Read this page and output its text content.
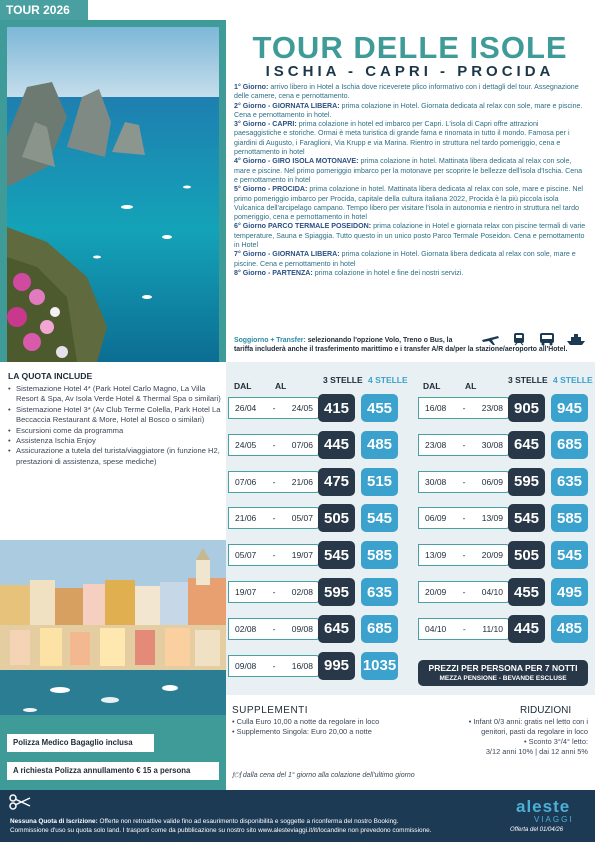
TOUR 2026
TOUR DELLE ISOLE
ISCHIA - CAPRI - PROCIDA

1° Giorno: arrivo libero in Hotel a Ischia dove riceverete plico informativo con i dettagli del tour. Assegnazione delle camere, cena e pernottamento.

2° Giorno - GIORNATA LIBERA: prima colazione in Hotel. Giornata dedicata al relax con sole, mare e piscine. Cena e pernottamento in hotel.

3° Giorno - CAPRI: prima colazione in hotel ed imbarco per Capri. L'isola di Capri offre attrazioni paesaggistiche e storiche. Ormai è meta turistica di grande fama e rinomata in tutto il mondo. Famosa per i giardini di Augusto, i Faraglioni, Via Krupp e via Marina. Rientro in struttura nel tardo pomeriggio, cena e pernottamento in hotel

4° Giorno - GIRO ISOLA MOTONAVE: prima colazione in hotel. Mattinata libera dedicata al relax con sole, mare e piscine. Nel primo pomeriggio imbarco per la motonave per scoprire le bellezze dell'isola d'Ischia. Cena e pernottamento in hotel

5° Giorno - PROCIDA: prima colazione in hotel. Mattinata libera dedicata al relax con sole, mare e piscine. Nel primo pomeriggio imbarco per Procida, capitale della cultura italiana 2022, Procida è la più piccola isola Vulcanica dell'arcipelago campano. Tempo libero per visitare l'isola in autonomia e rientro in struttura nel tardo pomeriggio, cena e pernottamento in hotel

6° Giorno PARCO TERMALE POSEIDON: prima colazione in Hotel e giornata relax con piscine termali di varie temperature, Sauna e Spiaggia. Tutto questo in un unico posto Parco Termale Poseidon. Cena e pernottamento in Hotel

7° Giorno - GIORNATA LIBERA: prima colazione in Hotel. Giornata libera dedicata al relax con sole, mare e piscine. Cena e pernottamento in hotel

8° Giorno - PARTENZA: prima colazione in hotel e fine dei nostri servizi.

Soggiorno + Transfer: selezionando l'opzione Volo, Treno o Bus, la
tariffa includerà anche il trasferimento marittimo e i transfer A/R da/per la stazione/aeroporto all'Hotel.
LA QUOTA INCLUDE
• Sistemazione Hotel 4* (Park Hotel Carlo Magno, La Villa Resort & Spa, Av Isola Verde Hotel & Thermal Spa o similari)
• Sistemazione Hotel 3* (Av Club Terme Colella, Park Hotel La Beccaccia Restaurant & More, Hotel al Bosco o similari)
• Escursioni come da programma
• Assistenza Ischia Enjoy
• Assicurazione a tutela del turista/viaggiatore (in funzione H2, prestazioni di assistenza, spese mediche)
DAL	AL
3 STELLE 4 STELLE
DAL	AL
3 STELLE 4 STELLE
26/04 - 24/05 415	455
24/05 - 07/06 445	485
07/06 - 21/06 475	515
21/06 - 05/07 505	545
05/07 - 19/07 545	585
19/07 - 02/08 595	635
02/08 - 09/08 645	685
09/08 - 16/08 995 1035
16/08 - 23/08 905	945
23/08 - 30/08 645	685
30/08 - 06/09 595	635
06/09 - 13/09 545	585
13/09 - 20/09 505	545
20/09 - 04/10 455	495
04/10 - 11/10 445	485
PREZZI PER PERSONA PER 7 NOTTI
MEZZA PENSIONE - BEVANDE ESCLUSE
Polizza Medico Bagaglio inclusa
A richiesta Polizza annullamento € 15 a persona
SUPPLEMENTI
• Culla Euro 10,00 a notte da regolare in loco
• Supplemento Singola: Euro 20,00 a notte
RIDUZIONI
• Infant 0/3 anni: gratis nel letto con i
genitori, pasti da regolare in loco
• Sconto 3°/4° letto:
3/12 anni 10% | dai 12 anni 5%
🍽 dalla cena del 1° giorno alla colazione dell'ultimo giorno
Nessuna Quota di Iscrizione: Offerte non retroattive valide fino ad esaurimento disponibilità e soggette a riconferma del nostro Booking.
Commissione d'uso su quota solo land. I trasporti come da pubblicazione su nostro sito www.alesteviaggi.it/it/locandine non prevedono commissione.
aleste
VIAGGI
Offerta del 01/04/26
